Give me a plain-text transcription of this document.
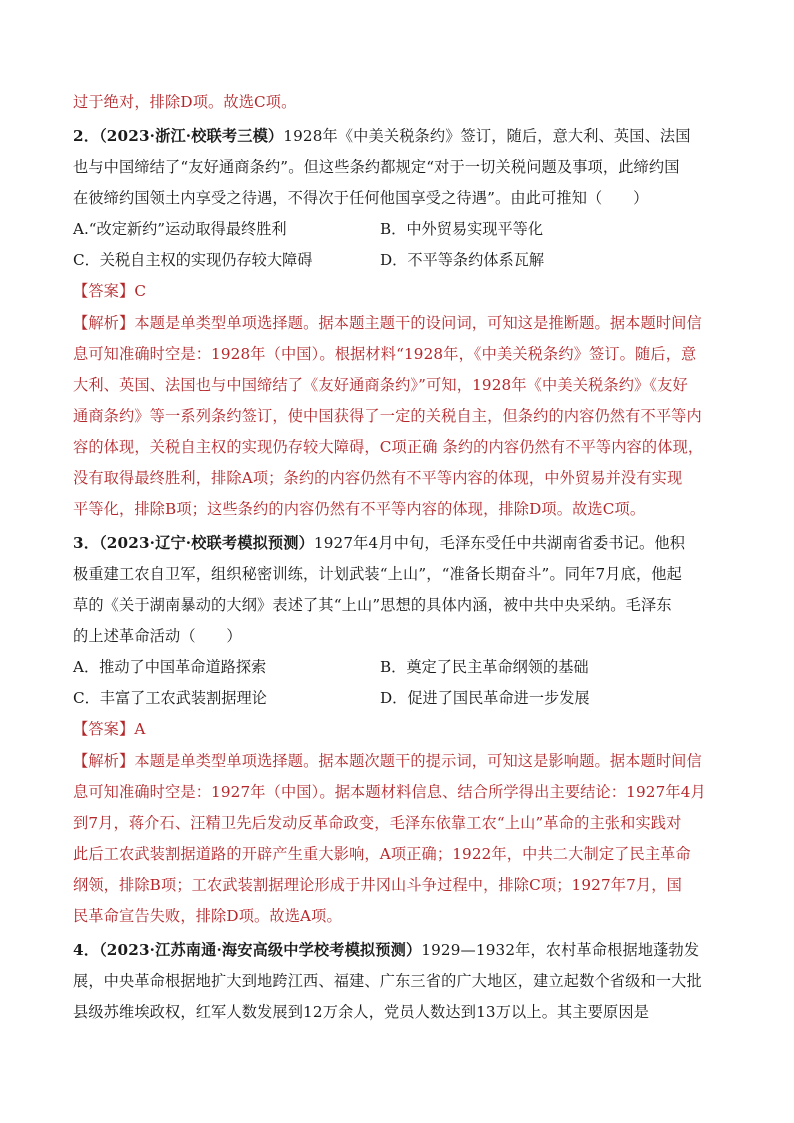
过于绝对，排除D项。故选C项。
2．（2023·浙江·校联考三模）1928年《中美关税条约》签订，随后，意大利、英国、法国
也与中国缔结了“友好通商条约”。但这些条约都规定“对于一切关税问题及事项，此缔约国
在彼缔约国领土内享受之待遇，不得次于任何他国享受之待遇”。由此可推知（　　）
A.“改定新约”运动取得最终胜利	B．中外贸易实现平等化
C．关税自主权的实现仍存较大障碍	D．不平等条约体系瓦解
【答案】C
【解析】本题是单类型单项选择题。据本题主题干的设问词，可知这是推断题。据本题时间信
息可知准确时空是：1928年（中国）。根据材料“1928年，《中美关税条约》签订。随后，意
大利、英国、法国也与中国缔结了《友好通商条约》”可知，1928年《中美关税条约》《友好
通商条约》等一系列条约签订，使中国获得了一定的关税自主，但条约的内容仍然有不平等内
容的体现，关税自主权的实现仍存较大障碍，C项正确 条约的内容仍然有不平等内容的体现，
没有取得最终胜利，排除A项；条约的内容仍然有不平等内容的体现，中外贸易并没有实现
平等化，排除B项；这些条约的内容仍然有不平等内容的体现，排除D项。故选C项。
3．（2023·辽宁·校联考模拟预测）1927年4月中旬，毛泽东受任中共湖南省委书记。他积
极重建工农自卫军，组织秘密训练，计划武装“上山”，“准备长期奋斗”。同年7月底，他起
草的《关于湖南暴动的大纲》表述了其“上山”思想的具体内涵，被中共中央采纳。毛泽东
的上述革命活动（　　）
A．推动了中国革命道路探索	B．奠定了民主革命纲领的基础
C．丰富了工农武装割据理论	D．促进了国民革命进一步发展
【答案】A
【解析】本题是单类型单项选择题。据本题次题干的提示词，可知这是影响题。据本题时间信
息可知准确时空是：1927年（中国）。据本题材料信息、结合所学得出主要结论：1927年4月
到7月，蒋介石、汪精卫先后发动反革命政变，毛泽东依靠工农“上山”革命的主张和实践对
此后工农武装割据道路的开辟产生重大影响，A项正确；1922年，中共二大制定了民主革命
纲领，排除B项；工农武装割据理论形成于井冈山斗争过程中，排除C项；1927年7月，国
民革命宣告失败，排除D项。故选A项。
4．（2023·江苏南通·海安高级中学校考模拟预测）1929—1932年，农村革命根据地蓬勃发
展，中央革命根据地扩大到地跨江西、福建、广东三省的广大地区，建立起数个省级和一大批
县级苏维埃政权，红军人数发展到12万余人，党员人数达到13万以上。其主要原因是
